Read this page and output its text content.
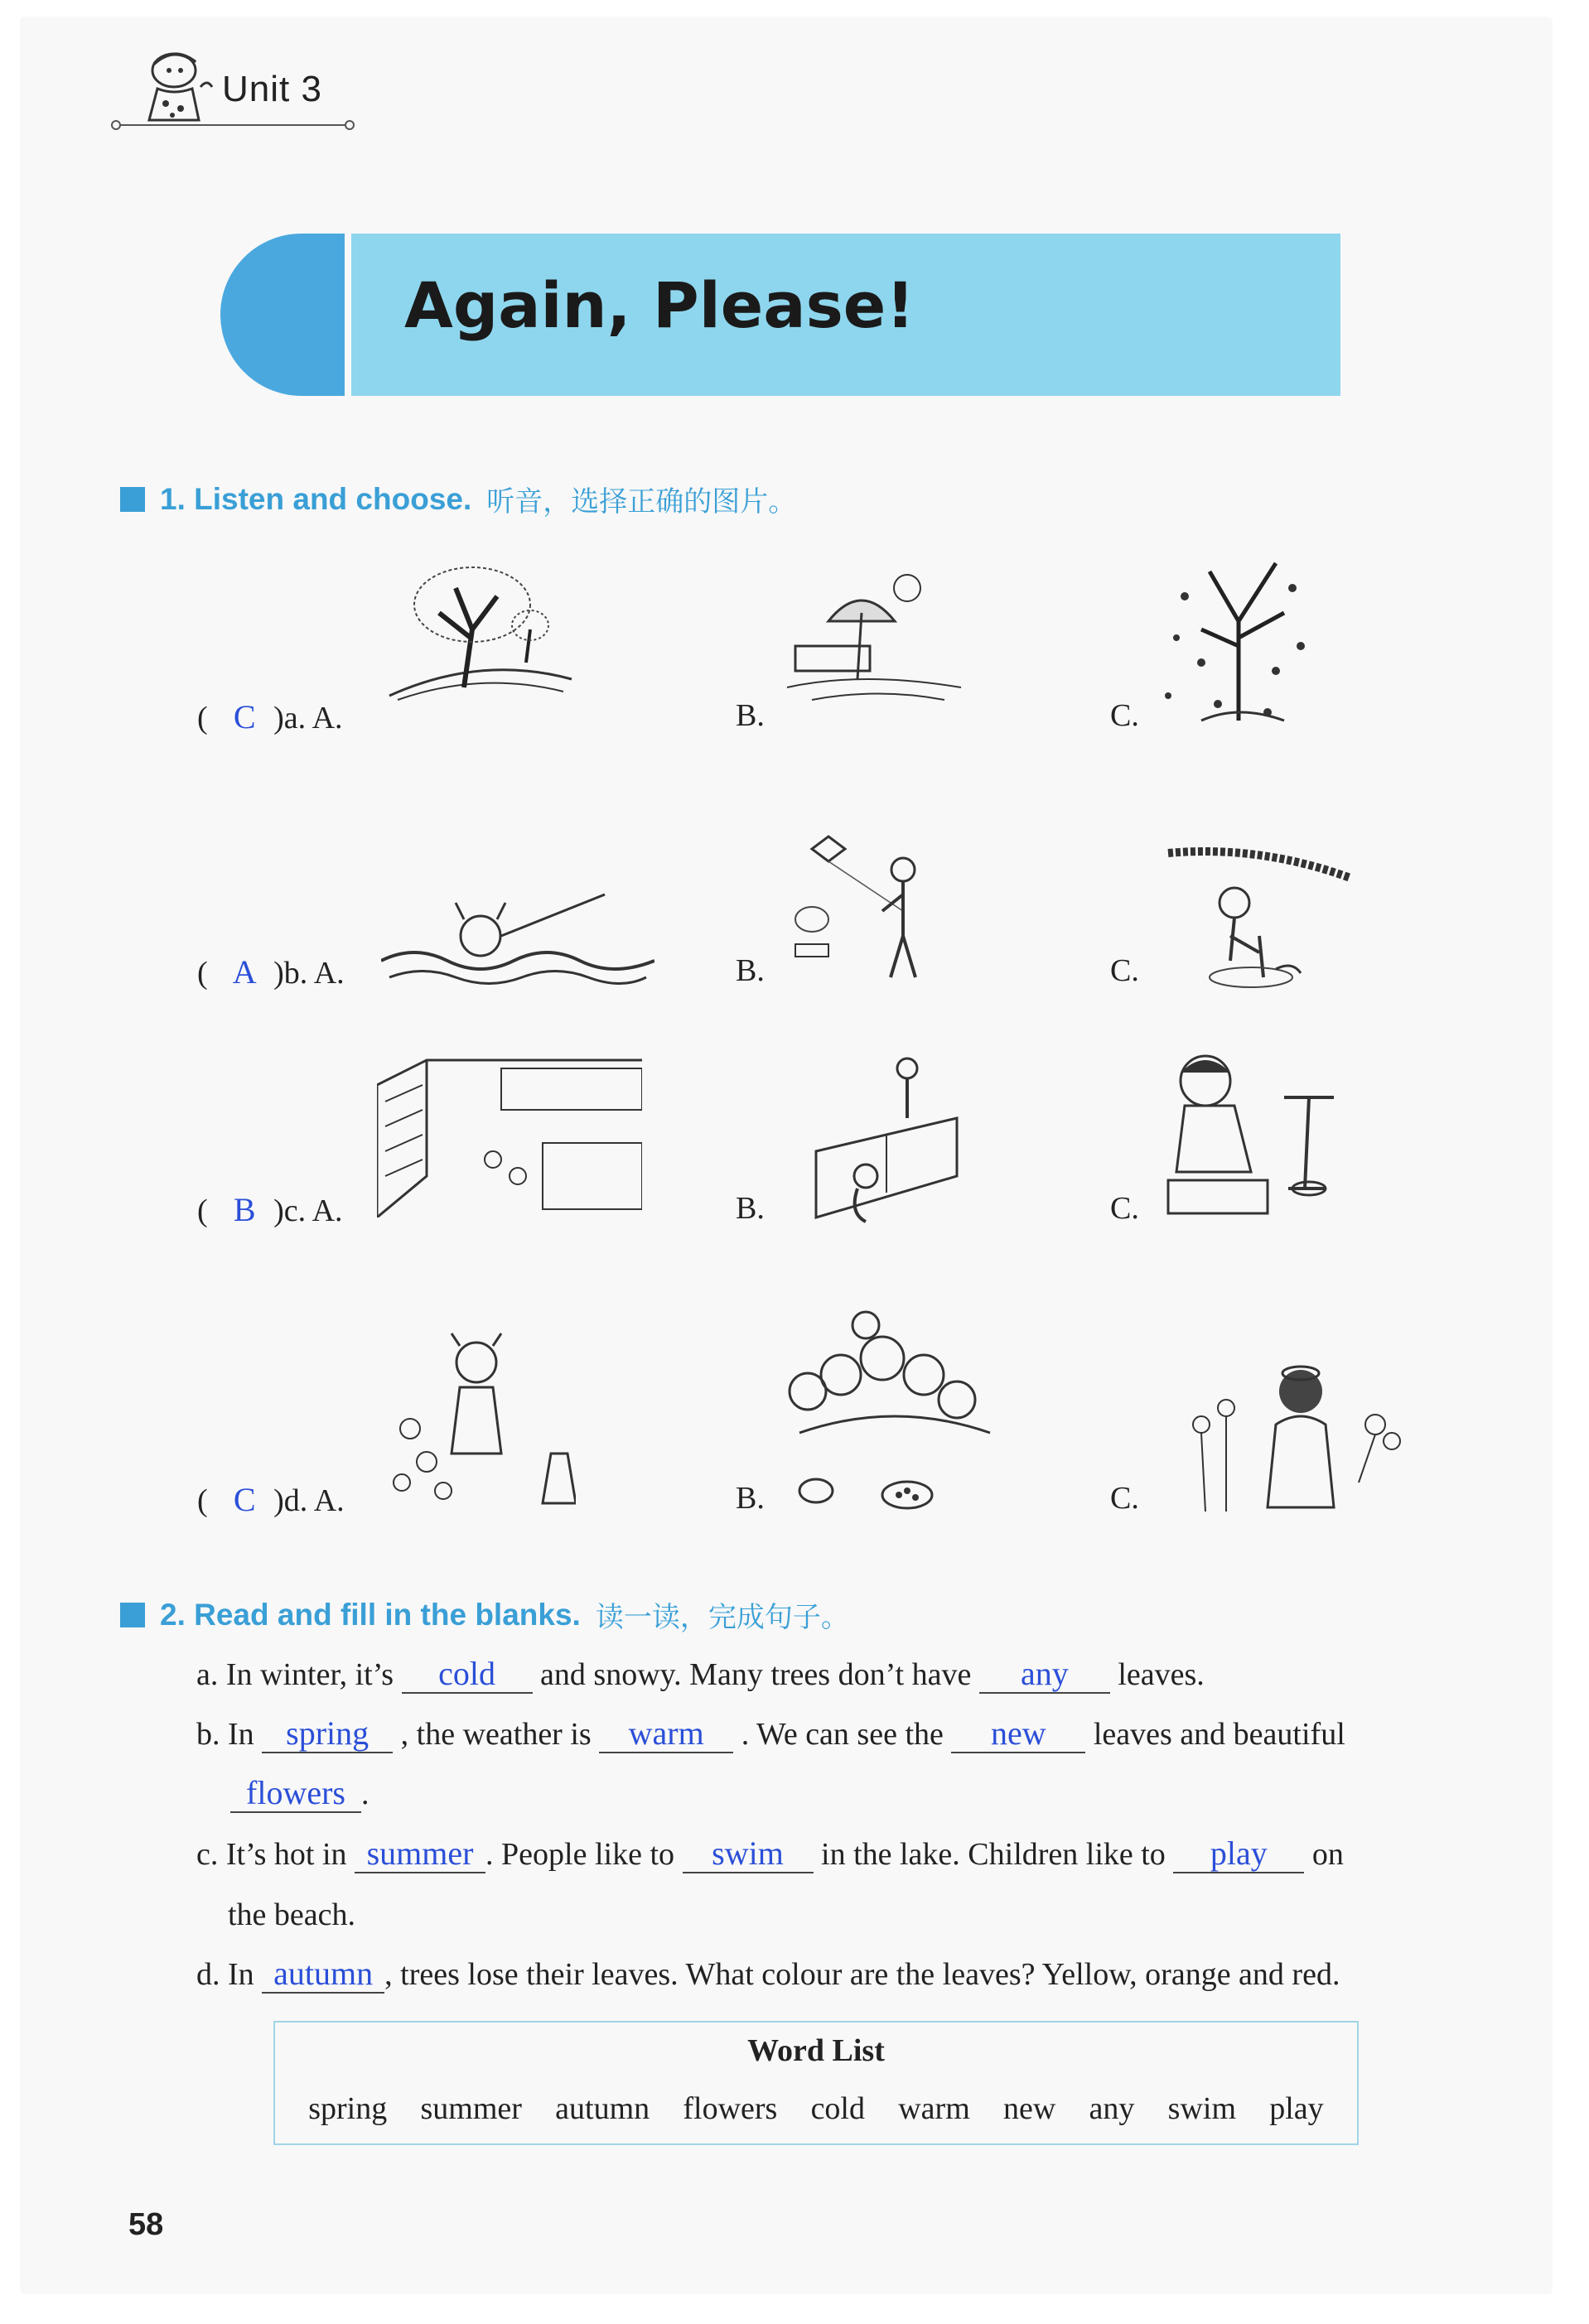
Unit 3
Again, Please!
1. Listen and choose. 听音，选择正确的图片。
( C )a. A.	B.	C.
( A )b. A.	B.	C.
( B )c. A.	B.	C.
( C )d. A.	B.	C.
2. Read and fill in the blanks. 读一读，完成句子。
a. In winter, it’s cold and snowy. Many trees don’t have any leaves.
b. In spring , the weather is warm . We can see the new leaves and beautiful
flowers .
c. It’s hot in summer . People like to swim in the lake. Children like to play on
the beach.
d. In autumn , trees lose their leaves. What colour are the leaves? Yellow, orange and red.
Word List
spring summer autumn flowers cold warm new any swim play
58
